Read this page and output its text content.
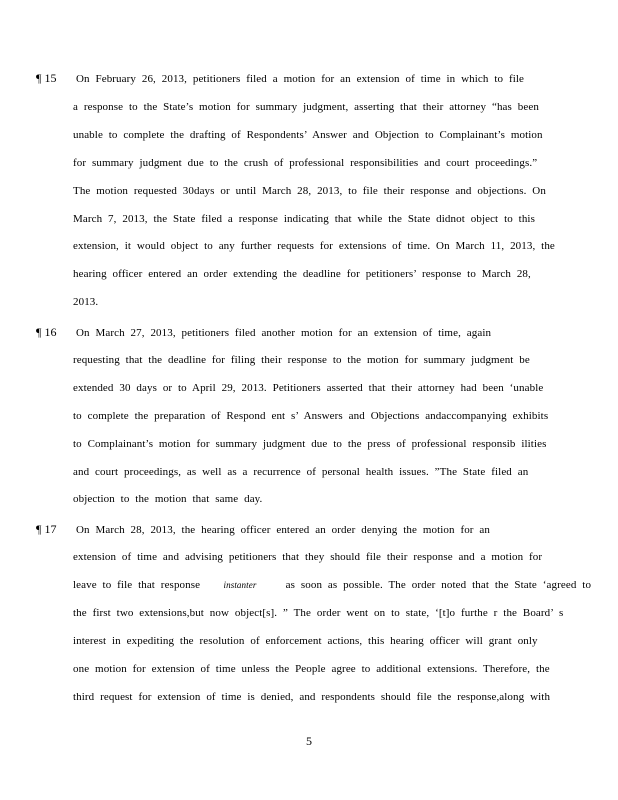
¶ 15 On February 26, 2013, petitioners filed a motion for an extension of time in which to file
a response to the State’s motion for summary judgment, asserting that their attorney “has been
unable to complete the drafting of Respondents’ Answer and Objection to Complainant’s motion
for summary judgment due to the crush of professional responsibilities and court proceedings.”
The motion requested 30days or until March 28, 2013, to file their response and objections. On
March 7, 2013, the State filed a response indicating that while the State didnot object to this
extension, it would object to any further requests for extensions of time. On March 11, 2013, the
hearing officer entered an order extending the deadline for petitioners’ response to March 28,
2013.
¶ 16 On March 27, 2013, petitioners filed another motion for an extension of time, again
requesting that the deadline for filing their response to the motion for summary judgment be
extended 30 days or to April 29, 2013. Petitioners asserted that their attorney had been ‘unable
to complete the preparation of Respond ent s’ Answers and Objections andaccompanying exhibits
to Complainant’s motion for summary judgment due to the press of professional responsib ilities
and court proceedings, as well as a recurrence of personal health issues. ”The State filed an
objection to the motion that same day.
¶ 17 On March 28, 2013, the hearing officer entered an order denying the motion for an
extension of time and advising petitioners that they should file their response and a motion for
leave to file that response	instanter	as soon as possible. The order noted that the State ‘agreed to
the first two extensions,but now object[s]. ” The order went on to state, ‘[t]o furthe r the Board’ s
interest in expediting the resolution of enforcement actions, this hearing officer will grant only
one motion for extension of time unless the People agree to additional extensions. Therefore, the
third request for extension of time is denied, and respondents should file the response,along with
5
